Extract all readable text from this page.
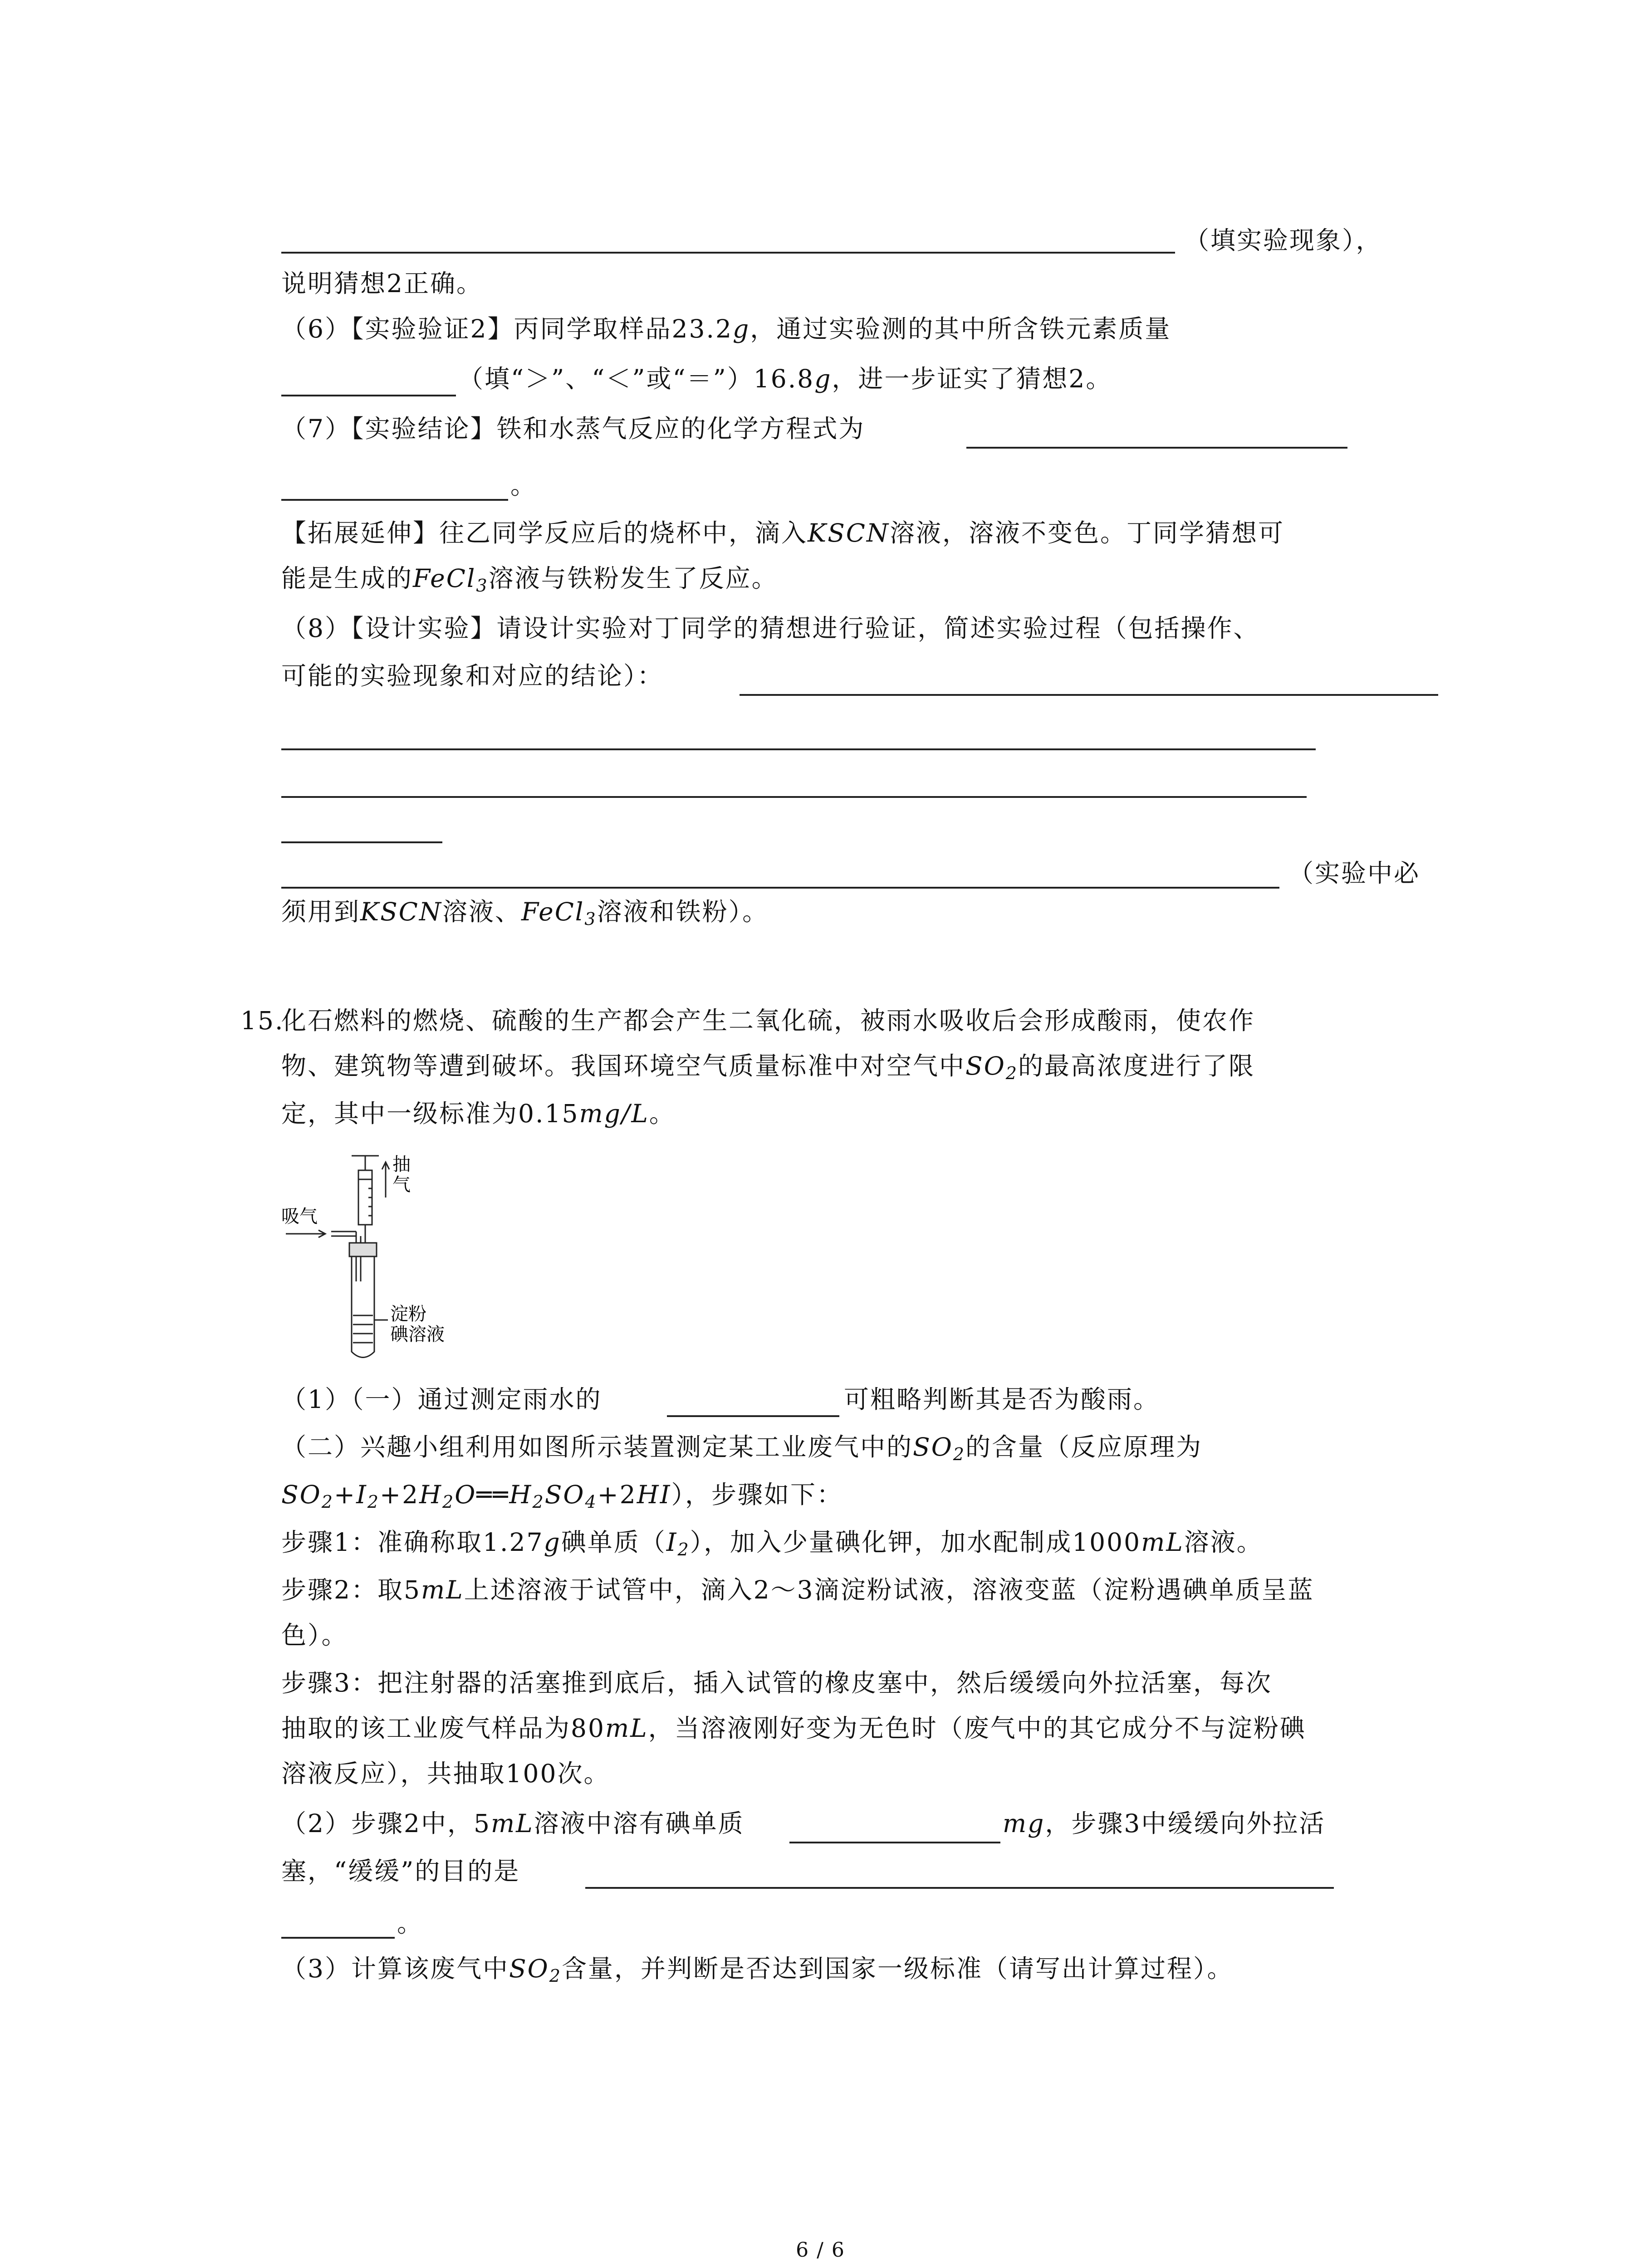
（填实验现象），
说明猜想2正确。
（6）【实验验证2】丙同学取样品23.2g，通过实验测的其中所含铁元素质量
（填“＞”、“＜”或“＝”）16.8g，进一步证实了猜想2。
（7）【实验结论】铁和水蒸气反应的化学方程式为
。
【拓展延伸】往乙同学反应后的烧杯中，滴入KSCN溶液，溶液不变色。丁同学猜想可
能是生成的FeCl$_3$溶液与铁粉发生了反应。
（8）【设计实验】请设计实验对丁同学的猜想进行验证，简述实验过程（包括操作、
可能的实验现象和对应的结论）：
（实验中必
须用到KSCN溶液、FeCl$_3$溶液和铁粉）。
15.
化石燃料的燃烧、硫酸的生产都会产生二氧化硫，被雨水吸收后会形成酸雨，使农作
物、建筑物等遭到破坏。我国环境空气质量标准中对空气中$SO_2$的最高浓度进行了限
定，其中一级标准为0.15mg/L。
抽
气
吸气
淀粉
碘溶液
（1）（一）通过测定雨水的	可粗略判断其是否为酸雨。
（二）兴趣小组利用如图所示装置测定某工业废气中的$SO_2$的含量（反应原理为
$SO_2+I_2+2H_2O══H_2SO_4+2HI$），步骤如下：
步骤1：准确称取1.27g碘单质$(I_2)$，加入少量碘化钾，加水配制成1000mL溶液。
步骤2：取5mL上述溶液于试管中，滴入2～3滴淀粉试液，溶液变蓝（淀粉遇碘单质呈蓝
色）。
步骤3：把注射器的活塞推到底后，插入试管的橡皮塞中，然后缓缓向外拉活塞，每次
抽取的该工业废气样品为80mL，当溶液刚好变为无色时（废气中的其它成分不与淀粉碘
溶液反应），共抽取100次。
（2）步骤2中，5mL溶液中溶有碘单质	mg，步骤3中缓缓向外拉活
塞，“缓缓”的目的是
。
（3）计算该废气中$SO_2$含量，并判断是否达到国家一级标准（请写出计算过程）。
6 / 6
